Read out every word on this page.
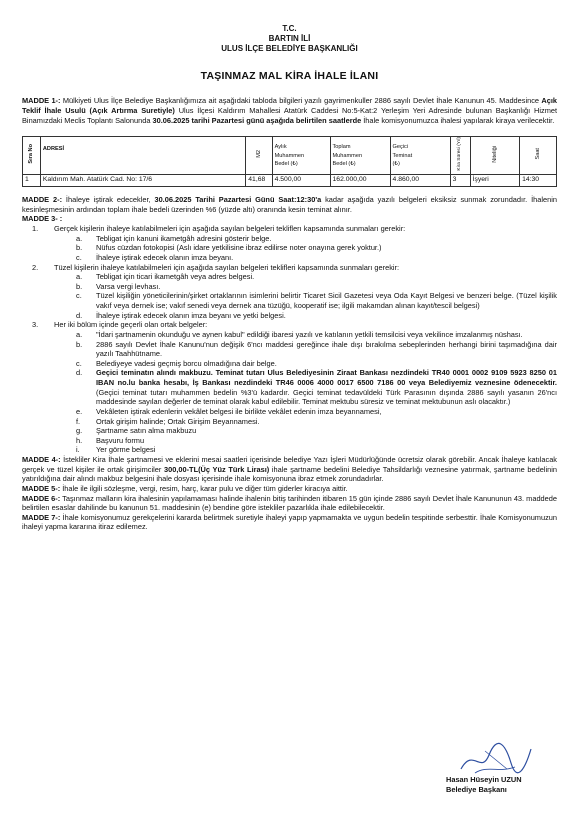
T.C.
BARTIN İLİ
ULUS İLÇE BELEDİYE BAŞKANLIĞI
TAŞINMAZ MAL KİRA İHALE İLANI

MADDE 1-: Mülkiyeti Ulus İlçe Belediye Başkanlığımıza ait aşağıdaki tabloda bilgileri yazılı gayrimenkuller 2886 sayılı Devlet İhale Kanunun 45. Maddesince Açık Teklif İhale Usulü (Açık Artırma Suretiyle) Ulus İlçesi Kaldırım Mahallesi Atatürk Caddesi No:5-Kat:2 Yerleşim Yeri Adresinde bulunan Başkanlığı Hizmet Binamızdaki Meclis Toplantı Salonunda 30.06.2025 tarihi Pazartesi günü aşağıda belirtilen saatlerde İhale komisyonumuzca ihalesi yapılarak kiraya verilecektir.

Sıra No	ADRESİ	M2	Aylık
Muhammen
Bedel (₺)	Toplam
Muhammen
Bedel (₺)	Geçici
Teminat
(₺)	Kira Süresi (Yıl)	Niteliği	Saat
1	Kaldırım Mah. Atatürk Cad. No: 17/6	41,68	4.500,00	162.000,00	4.860,00	3	İşyeri	14:30

MADDE 2-: İhaleye iştirak edecekler, 30.06.2025 Tarihi Pazartesi Günü Saat:12:30'a kadar aşağıda yazılı belgeleri eksiksiz sunmak zorundadır. İhalenin kesinleşmesinin ardından toplam ihale bedeli üzerinden %6 (yüzde altı) oranında kesin teminat alınır.

MADDE 3- :
1.	Gerçek kişilerin ihaleye katılabilmeleri için aşağıda sayılan belgeleri tekliflerı kapsamında sunmaları gerekir:
a.	Tebligat için kanuni ikametgâh adresini gösterir belge.
b.	Nüfus cüzdan fotokopisi (Aslı idare yetkilisine ibraz edilirse noter onayına gerek yoktur.)
c.	İhaleye iştirak edecek olanın imza beyanı.
2.	Tüzel kişilerin ihaleye katılabilmeleri için aşağıda sayılan belgeleri teklifleri kapsamında sunmaları gerekir:
a.	Tebligat için ticari ikametgâh veya adres belgesi.
b.	Varsa vergi levhası.
c.	Tüzel kişiliğin yöneticilerinin/şirket ortaklarının isimlerini belirtir Ticaret Sicil Gazetesi veya Oda Kayıt Belgesi ve benzeri belge. (Tüzel kişilik vakıf veya dernek ise; vakıf senedi veya dernek ana tüzüğü, kooperatif ise; ilgili makamdan alınan kayıt/tescil belgesi)
d.	İhaleye iştirak edecek olanın imza beyanı ve yetki belgesi.
3.	Her iki bölüm içinde geçerli olan ortak belgeler:
a.	"İdari şartnamenin okunduğu ve aynen kabul" edildiği ibaresi yazılı ve katılanın yetkili temsilcisi veya vekilince imzalanmış nüshası.
b.	2886 sayılı Devlet İhale Kanunu'nun değişik 6'ncı maddesi gereğince ihale dışı bırakılma sebeplerinden herhangi birini taşımadığına dair yazılı Taahhütname.
c.	Belediyeye vadesi geçmiş borcu olmadığına dair belge.
d.	Geçici teminatın alındı makbuzu. Teminat tutarı Ulus Belediyesinin Ziraat Bankası nezdindeki TR40 0001 0002 9109 5923 8250 01 IBAN no.lu banka hesabı, İş Bankası nezdindeki TR46 0006 4000 0017 6500 7186 00 veya Belediyemiz veznesine ödenecektir. (Geçici teminat tutarı muhammen bedelin %3'ü kadardır. Geçici teminat tedavüldeki Türk Parasının dışında 2886 sayılı yasanın 26'ncı maddesinde sayılan değerler de teminat olarak kabul edilebilir. Teminat mektubu süresiz ve teminat mektubunun aslı olacaktır.)
e.	Vekâleten iştirak edenlerin vekâlet belgesi ile birlikte vekâlet edenin imza beyannamesi,
f.	Ortak girişim halinde; Ortak Girişim Beyannamesi.
g.	Şartname satın alma makbuzu
h.	Başvuru formu
i.	Yer görme belgesi

MADDE 4-: İstekliler Kira İhale şartnamesi ve eklerini mesai saatleri içerisinde belediye Yazı İşleri Müdürlüğünde ücretsiz olarak görebilir. Ancak İhaleye katılacak gerçek ve tüzel kişiler ile ortak girişimciler 300,00-TL(Üç Yüz Türk Lirası) ihale şartname bedelini Belediye Tahsildarlığı veznesine yatırmak, şartname bedelinin yatırıldığına dair alındı makbuz belgesini ihale dosyası içerisinde ihale komisyonuna ibraz etmek zorundadırlar.

MADDE 5-: İhale ile ilgili sözleşme, vergi, resim, harç, karar pulu ve diğer tüm giderler kiracıya aittir.

MADDE 6-: Taşınmaz malların kira ihalesinin yapılamaması halinde ihalenin bitiş tarihinden itibaren 15 gün içinde 2886 sayılı Devlet İhale Kanununun 43. maddede belirtilen esaslar dahilinde bu kanunun 51. maddesinin (e) bendine göre istekliler pazarlıkla ihale edilebilecektir.

MADDE 7-: İhale komisyonumuz gerekçelerini kararda belirtmek suretiyle ihaleyi yapıp yapmamakta ve uygun bedelin tespitinde serbesttir. İhale Komisyonumuzun ihaleyi yapma kararına itiraz edilemez.

Hasan Hüseyin UZUN
Belediye Başkanı
